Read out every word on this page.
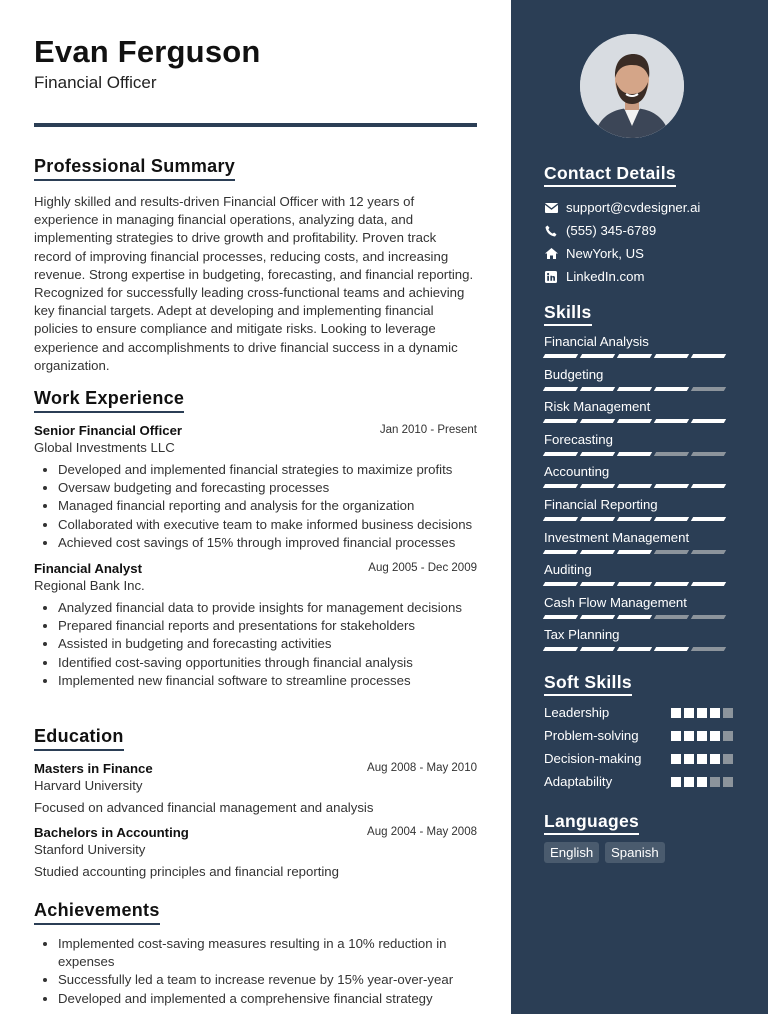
Evan Ferguson
Financial Officer
Professional Summary

Highly skilled and results-driven Financial Officer with 12 years of experience in managing financial operations, analyzing data, and implementing strategies to drive growth and profitability. Proven track record of improving financial processes, reducing costs, and increasing revenue. Strong expertise in budgeting, forecasting, and financial reporting. Recognized for successfully leading cross-functional teams and achieving key financial targets. Adept at developing and implementing financial policies to ensure compliance and mitigate risks. Looking to leverage experience and accomplishments to drive financial success in a dynamic organization.

Work Experience
Senior Financial Officer	Jan 2010 - Present
Global Investments LLC
• Developed and implemented financial strategies to maximize profits
• Oversaw budgeting and forecasting processes
• Managed financial reporting and analysis for the organization
• Collaborated with executive team to make informed business decisions
• Achieved cost savings of 15% through improved financial processes
Financial Analyst	Aug 2005 - Dec 2009
Regional Bank Inc.
• Analyzed financial data to provide insights for management decisions
• Prepared financial reports and presentations for stakeholders
• Assisted in budgeting and forecasting activities
• Identified cost-saving opportunities through financial analysis
• Implemented new financial software to streamline processes
Education
Masters in Finance	Aug 2008 - May 2010
Harvard University

Focused on advanced financial management and analysis

Bachelors in Accounting	Aug 2004 - May 2008
Stanford University

Studied accounting principles and financial reporting

Achievements
• Implemented cost-saving measures resulting in a 10% reduction in expenses
• Successfully led a team to increase revenue by 15% year-over-year
• Developed and implemented a comprehensive financial strategy
Contact Details
support@cvdesigner.ai
(555) 345-6789
NewYork, US
LinkedIn.com
Skills
Financial Analysis
Budgeting
Risk Management
Forecasting
Accounting
Financial Reporting
Investment Management
Auditing
Cash Flow Management
Tax Planning
Soft Skills
Leadership
Problem-solving
Decision-making
Adaptability
Languages
English	Spanish
